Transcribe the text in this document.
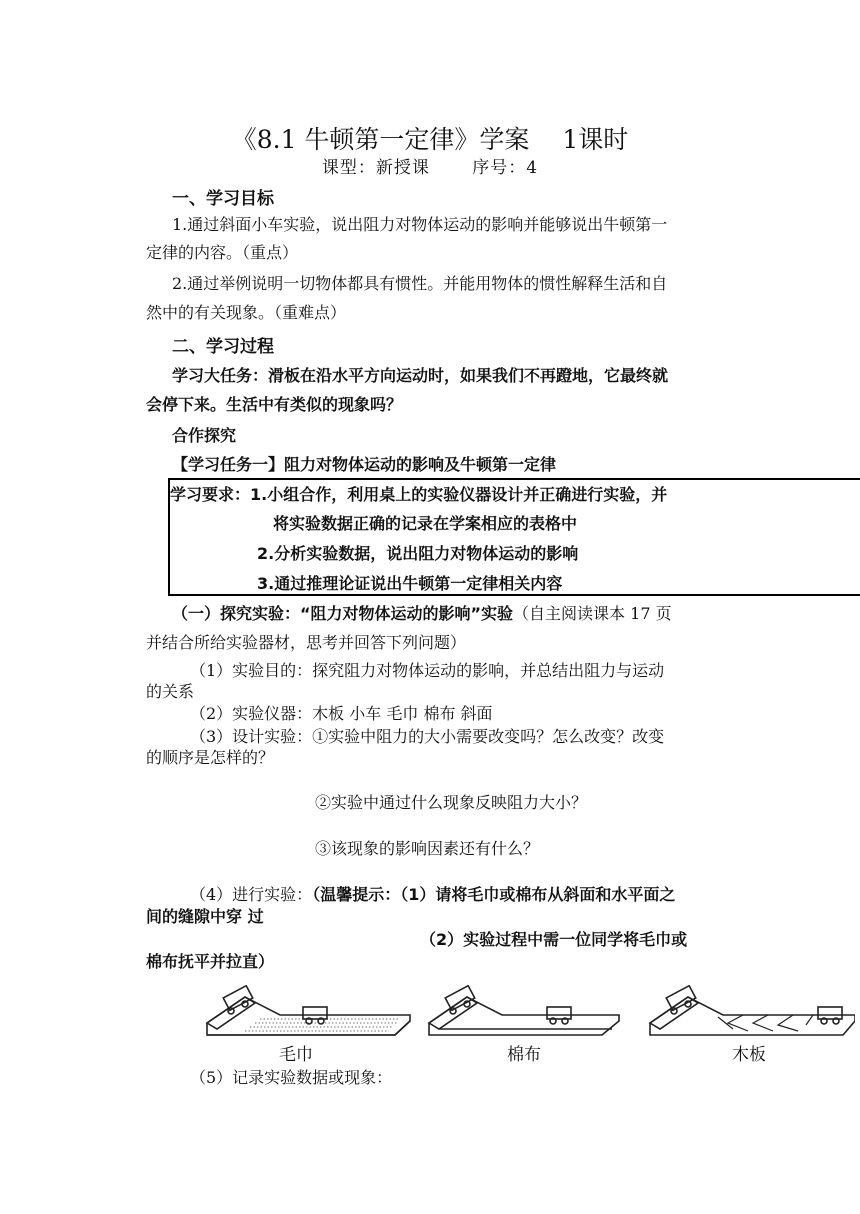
《8.1 牛顿第一定律》学案　 1课时
课型：新授课　　 序号：4
一、学习目标
1.通过斜面小车实验，说出阻力对物体运动的影响并能够说出牛顿第一
定律的内容。（重点）
2.通过举例说明一切物体都具有惯性。并能用物体的惯性解释生活和自
然中的有关现象。（重难点）
二、学习过程
学习大任务：滑板在沿水平方向运动时，如果我们不再蹬地，它最终就
会停下来。生活中有类似的现象吗？
合作探究
【学习任务一】阻力对物体运动的影响及牛顿第一定律
学习要求：1.小组合作，利用桌上的实验仪器设计并正确进行实验，并
将实验数据正确的记录在学案相应的表格中
2.分析实验数据，说出阻力对物体运动的影响
3.通过推理论证说出牛顿第一定律相关内容
（一）探究实验：“阻力对物体运动的影响”实验（自主阅读课本 17 页
并结合所给实验器材，思考并回答下列问题）
（1）实验目的：探究阻力对物体运动的影响，并总结出阻力与运动
的关系
（2）实验仪器：木板 小车 毛巾 棉布 斜面
（3）设计实验：①实验中阻力的大小需要改变吗？怎么改变？改变
的顺序是怎样的？
②实验中通过什么现象反映阻力大小？
③该现象的影响因素还有什么？
（4）进行实验：（温馨提示：（1）请将毛巾或棉布从斜面和水平面之
间的缝隙中穿 过
（2）实验过程中需一位同学将毛巾或
棉布抚平并拉直）
毛巾	棉布	木板
（5）记录实验数据或现象：
